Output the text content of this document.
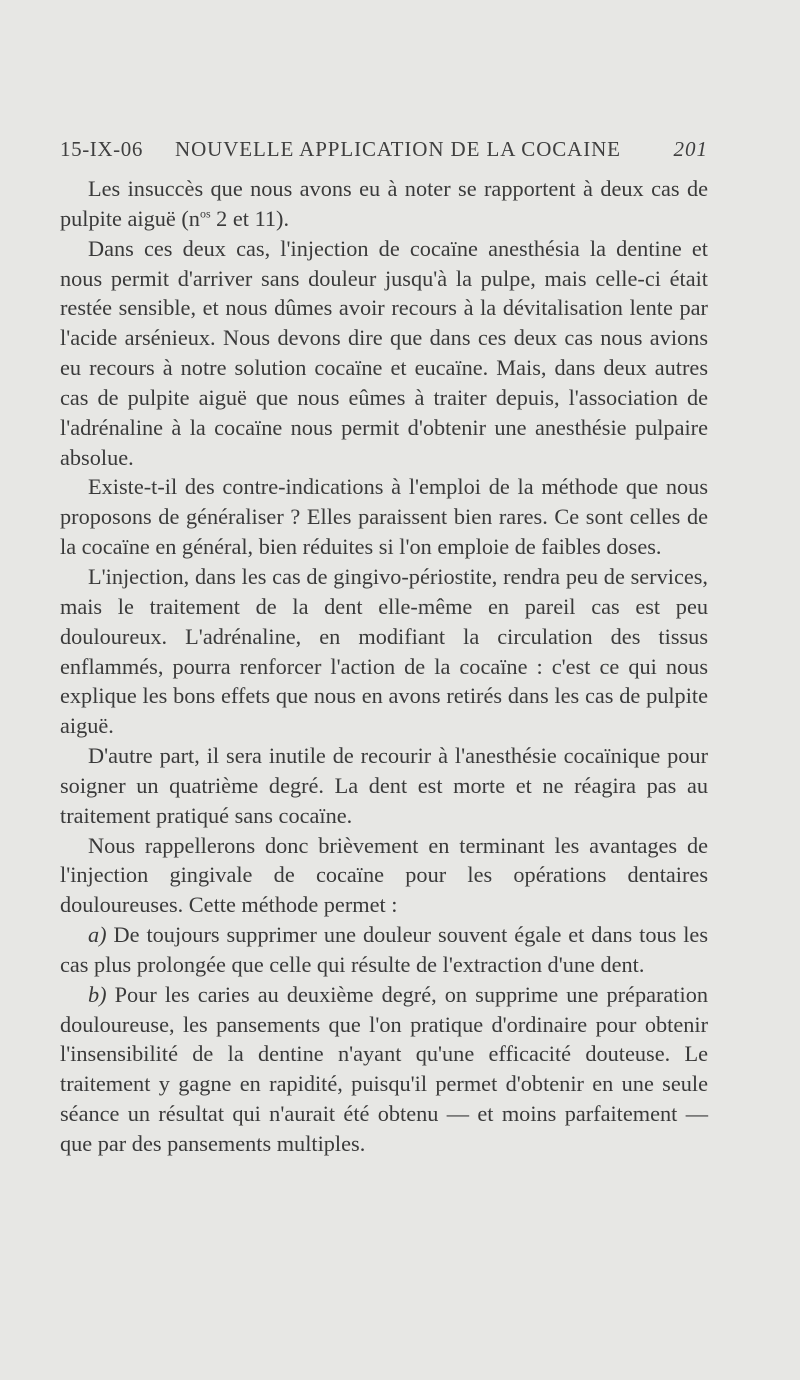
15-IX-06 NOUVELLE APPLICATION DE LA COCAINE	201

Les insuccès que nous avons eu à noter se rapportent à deux cas de pulpite aiguë ($n^{os}$ 2 et 11).

Dans ces deux cas, l'injection de cocaïne anesthésia la dentine et nous permit d'arriver sans douleur jusqu'à la pulpe, mais celle-ci était restée sensible, et nous dûmes avoir recours à la dévitalisation lente par l'acide arsénieux. Nous devons dire que dans ces deux cas nous avions eu recours à notre solution cocaïne et eucaïne. Mais, dans deux autres cas de pulpite aiguë que nous eûmes à traiter depuis, l'association de l'adrénaline à la cocaïne nous permit d'obtenir une anesthésie pulpaire absolue.

Existe-t-il des contre-indications à l'emploi de la méthode que nous proposons de généraliser ? Elles paraissent bien rares. Ce sont celles de la cocaïne en général, bien réduites si l'on emploie de faibles doses.

L'injection, dans les cas de gingivo-périostite, rendra peu de services, mais le traitement de la dent elle-même en pareil cas est peu douloureux. L'adrénaline, en modifiant la circulation des tissus enflammés, pourra renforcer l'action de la cocaïne : c'est ce qui nous explique les bons effets que nous en avons retirés dans les cas de pulpite aiguë.

D'autre part, il sera inutile de recourir à l'anesthésie cocaïnique pour soigner un quatrième degré. La dent est morte et ne réagira pas au traitement pratiqué sans cocaïne.

Nous rappellerons donc brièvement en terminant les avantages de l'injection gingivale de cocaïne pour les opérations dentaires douloureuses. Cette méthode permet :

a) De toujours supprimer une douleur souvent égale et dans tous les cas plus prolongée que celle qui résulte de l'extraction d'une dent.

b) Pour les caries au deuxième degré, on supprime une préparation douloureuse, les pansements que l'on pratique d'ordinaire pour obtenir l'insensibilité de la dentine n'ayant qu'une efficacité douteuse. Le traitement y gagne en rapidité, puisqu'il permet d'obtenir en une seule séance un résultat qui n'aurait été obtenu — et moins parfaitement — que par des pansements multiples.
